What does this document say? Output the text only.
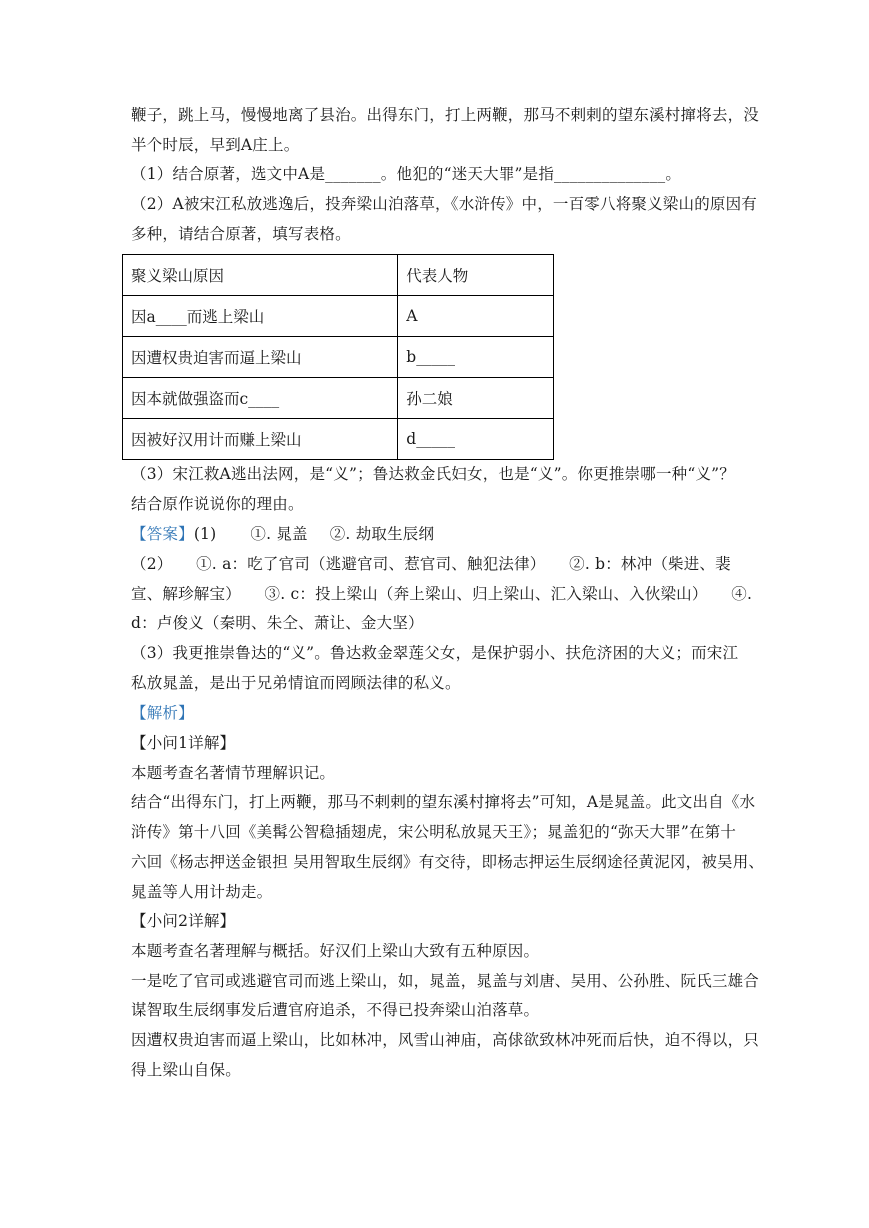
鞭子，跳上马，慢慢地离了县治。出得东门，打上两鞭，那马不剌剌的望东溪村撺将去，没
半个时辰，早到A庄上。
（1）结合原著，选文中A是_______。他犯的“迷天大罪”是指______________。
（2）A被宋江私放逃逸后，投奔梁山泊落草，《水浒传》中，一百零八将聚义梁山的原因有
多种，请结合原著，填写表格。
聚义梁山原因	代表人物
因a____而逃上梁山	A
因遭权贵迫害而逼上梁山	b_____
因本就做强盗而c____	孙二娘
因被好汉用计而赚上梁山	d_____
（3）宋江救A逃出法网，是“义”；鲁达救金氏妇女，也是“义”。你更推崇哪一种“义”？
结合原作说说你的理由。
【答案】(1) ①. 晁盖 ②. 劫取生辰纲
（2）　　①. a：吃了官司（逃避官司、惹官司、触犯法律）　　②. b：林冲（柴进、裴
宣、解珍解宝）　　③. c：投上梁山（奔上梁山、归上梁山、汇入梁山、入伙梁山）　　④.
d：卢俊义（秦明、朱仝、萧让、金大坚）
（3）我更推崇鲁达的“义”。鲁达救金翠莲父女，是保护弱小、扶危济困的大义；而宋江
私放晁盖，是出于兄弟情谊而罔顾法律的私义。
【解析】
【小问1详解】
本题考查名著情节理解识记。
结合“出得东门，打上两鞭，那马不剌剌的望东溪村撺将去”可知，A是晁盖。此文出自《水
浒传》第十八回《美髯公智稳插翅虎，宋公明私放晁天王》；晁盖犯的“弥天大罪”在第十
六回《杨志押送金银担 吴用智取生辰纲》有交待，即杨志押运生辰纲途径黄泥冈，被吴用、
晁盖等人用计劫走。
【小问2详解】
本题考查名著理解与概括。好汉们上梁山大致有五种原因。
一是吃了官司或逃避官司而逃上梁山，如，晁盖，晁盖与刘唐、吴用、公孙胜、阮氏三雄合
谋智取生辰纲事发后遭官府追杀，不得已投奔梁山泊落草。
因遭权贵迫害而逼上梁山，比如林冲，风雪山神庙，高俅欲致林冲死而后快，迫不得以，只
得上梁山自保。
